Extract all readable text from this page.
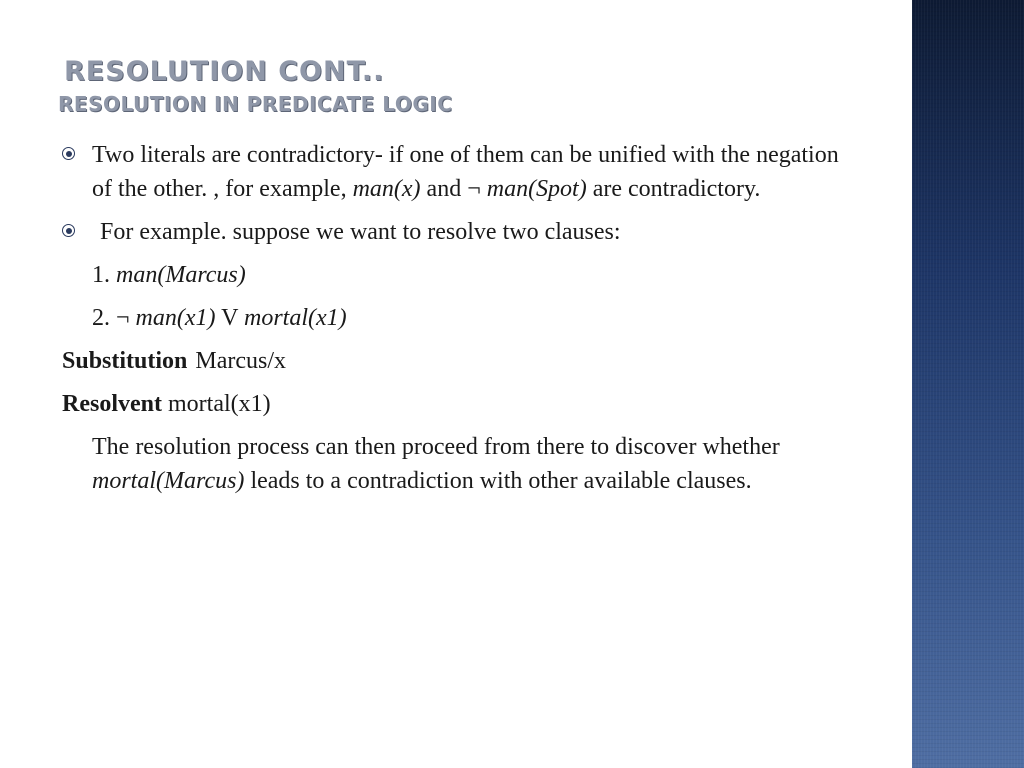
RESOLUTION CONT..
RESOLUTION IN PREDICATE LOGIC
Two literals are contradictory- if one of them can be unified with the negation of the other. , for example, man(x) and ¬ man(Spot) are contradictory.
For example. suppose we want to resolve two clauses:
1. man(Marcus)
2. ¬ man(x1) V mortal(x1)
Substitution Marcus/x
Resolvent mortal(x1)
The resolution process can then proceed from there to discover whether mortal(Marcus) leads to a contradiction with other available clauses.
